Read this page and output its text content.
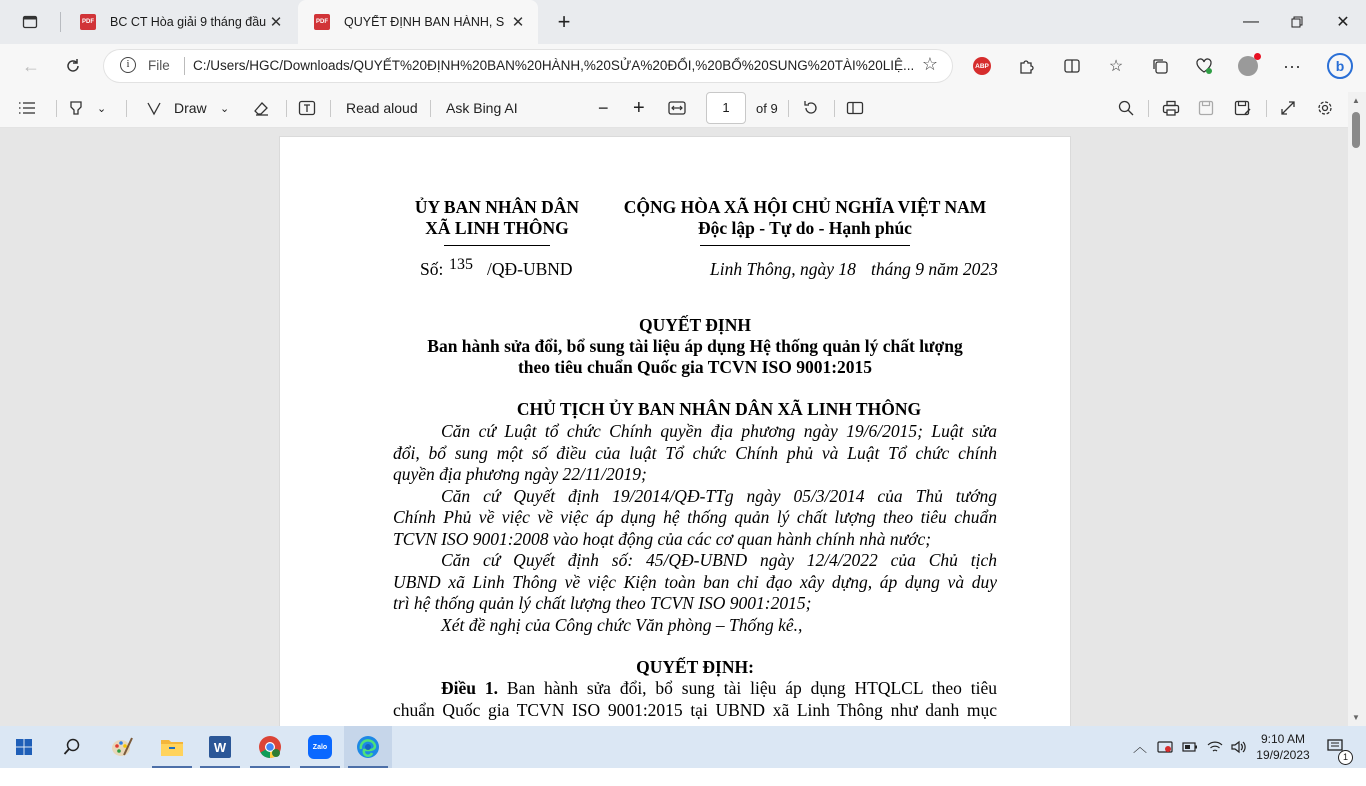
PDF BC CT Hòa giải 9 tháng đầu ✕	PDF QUYẾT ĐỊNH BAN HÀNH, S ✕	+	—	✕
←	i	File C:/Users/HGC/Downloads/QUYẾT%20ĐỊNH%20BAN%20HÀNH,%20SỬA%20ĐỔI,%20BỔ%20SUNG%20TÀI%20LIỆ... ☆	ABP	☆	···	b
⌄	Draw ⌄	Read aloud Ask Bing AI	− +	1	of 9
ỦY BAN NHÂN DÂN
XÃ LINH THÔNG
CỘNG HÒA XÃ HỘI CHỦ NGHĨA VIỆT NAM
Độc lập - Tự do - Hạnh phúc
Số: 135 /QĐ-UBND	Linh Thông, ngày 18 tháng 9 năm 2023
QUYẾT ĐỊNH
Ban hành sửa đổi, bổ sung tài liệu áp dụng Hệ thống quản lý chất lượng
theo tiêu chuẩn Quốc gia TCVN ISO 9001:2015
CHỦ TỊCH ỦY BAN NHÂN DÂN XÃ LINH THÔNG

Căn cứ Luật tổ chức Chính quyền địa phương ngày 19/6/2015; Luật sửa

đổi, bổ sung một số điều của luật Tổ chức Chính phủ và Luật Tổ chức chính
quyền địa phương ngày 22/11/2019;

Căn cứ Quyết định 19/2014/QĐ-TTg ngày 05/3/2014 của Thủ tướng

Chính Phủ về việc về việc áp dụng hệ thống quản lý chất lượng theo tiêu chuẩn
TCVN ISO 9001:2008 vào hoạt động của các cơ quan hành chính nhà nước;

Căn cứ Quyết định số: 45/QĐ-UBND ngày 12/4/2022 của Chủ tịch

UBND xã Linh Thông về việc Kiện toàn ban chỉ đạo xây dựng, áp dụng và duy
trì hệ thống quản lý chất lượng theo TCVN ISO 9001:2015;

Xét đề nghị của Công chức Văn phòng – Thống kê.,

QUYẾT ĐỊNH:

Điều 1. Ban hành sửa đổi, bổ sung tài liệu áp dụng HTQLCL theo tiêu

chuẩn Quốc gia TCVN ISO 9001:2015 tại UBND xã Linh Thông như danh mục
▲
▼
W	Zalo	︿	9:10 AM
19/9/2023	1
